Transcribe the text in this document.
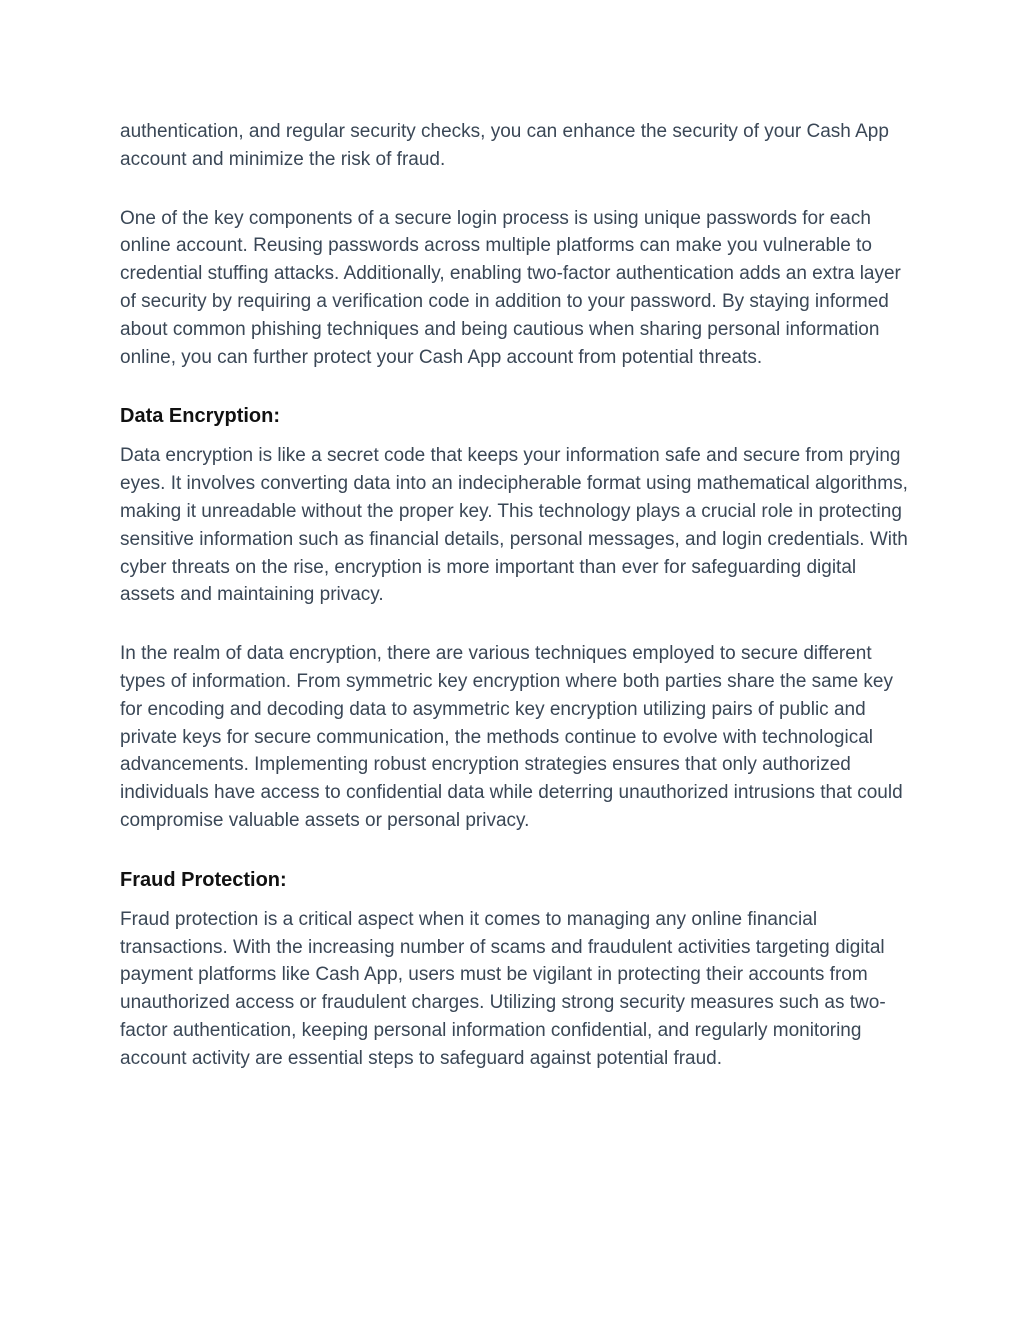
authentication, and regular security checks, you can enhance the security of your Cash App account and minimize the risk of fraud.

One of the key components of a secure login process is using unique passwords for each online account. Reusing passwords across multiple platforms can make you vulnerable to credential stuffing attacks. Additionally, enabling two-factor authentication adds an extra layer of security by requiring a verification code in addition to your password. By staying informed about common phishing techniques and being cautious when sharing personal information online, you can further protect your Cash App account from potential threats.

Data Encryption:

Data encryption is like a secret code that keeps your information safe and secure from prying eyes. It involves converting data into an indecipherable format using mathematical algorithms, making it unreadable without the proper key. This technology plays a crucial role in protecting sensitive information such as financial details, personal messages, and login credentials. With cyber threats on the rise, encryption is more important than ever for safeguarding digital assets and maintaining privacy.

In the realm of data encryption, there are various techniques employed to secure different types of information. From symmetric key encryption where both parties share the same key for encoding and decoding data to asymmetric key encryption utilizing pairs of public and private keys for secure communication, the methods continue to evolve with technological advancements. Implementing robust encryption strategies ensures that only authorized individuals have access to confidential data while deterring unauthorized intrusions that could compromise valuable assets or personal privacy.

Fraud Protection:

Fraud protection is a critical aspect when it comes to managing any online financial transactions. With the increasing number of scams and fraudulent activities targeting digital payment platforms like Cash App, users must be vigilant in protecting their accounts from unauthorized access or fraudulent charges. Utilizing strong security measures such as two-factor authentication, keeping personal information confidential, and regularly monitoring account activity are essential steps to safeguard against potential fraud.
